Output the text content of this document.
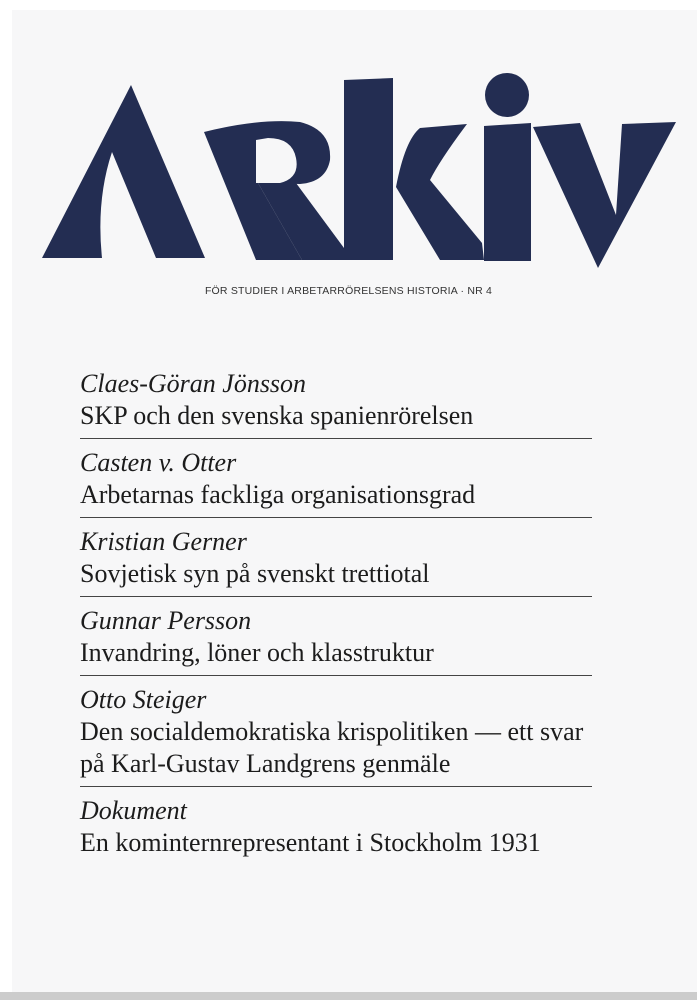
FÖR STUDIER I ARBETARRÖRELSENS HISTORIA · NR 4
Claes-Göran Jönsson
SKP och den svenska spanienrörelsen
Casten v. Otter
Arbetarnas fackliga organisationsgrad
Kristian Gerner
Sovjetisk syn på svenskt trettiotal
Gunnar Persson
Invandring, löner och klasstruktur
Otto Steiger
Den socialdemokratiska krispolitiken — ett svar på Karl-Gustav Landgrens genmäle
Dokument
En kominternrepresentant i Stockholm 1931
